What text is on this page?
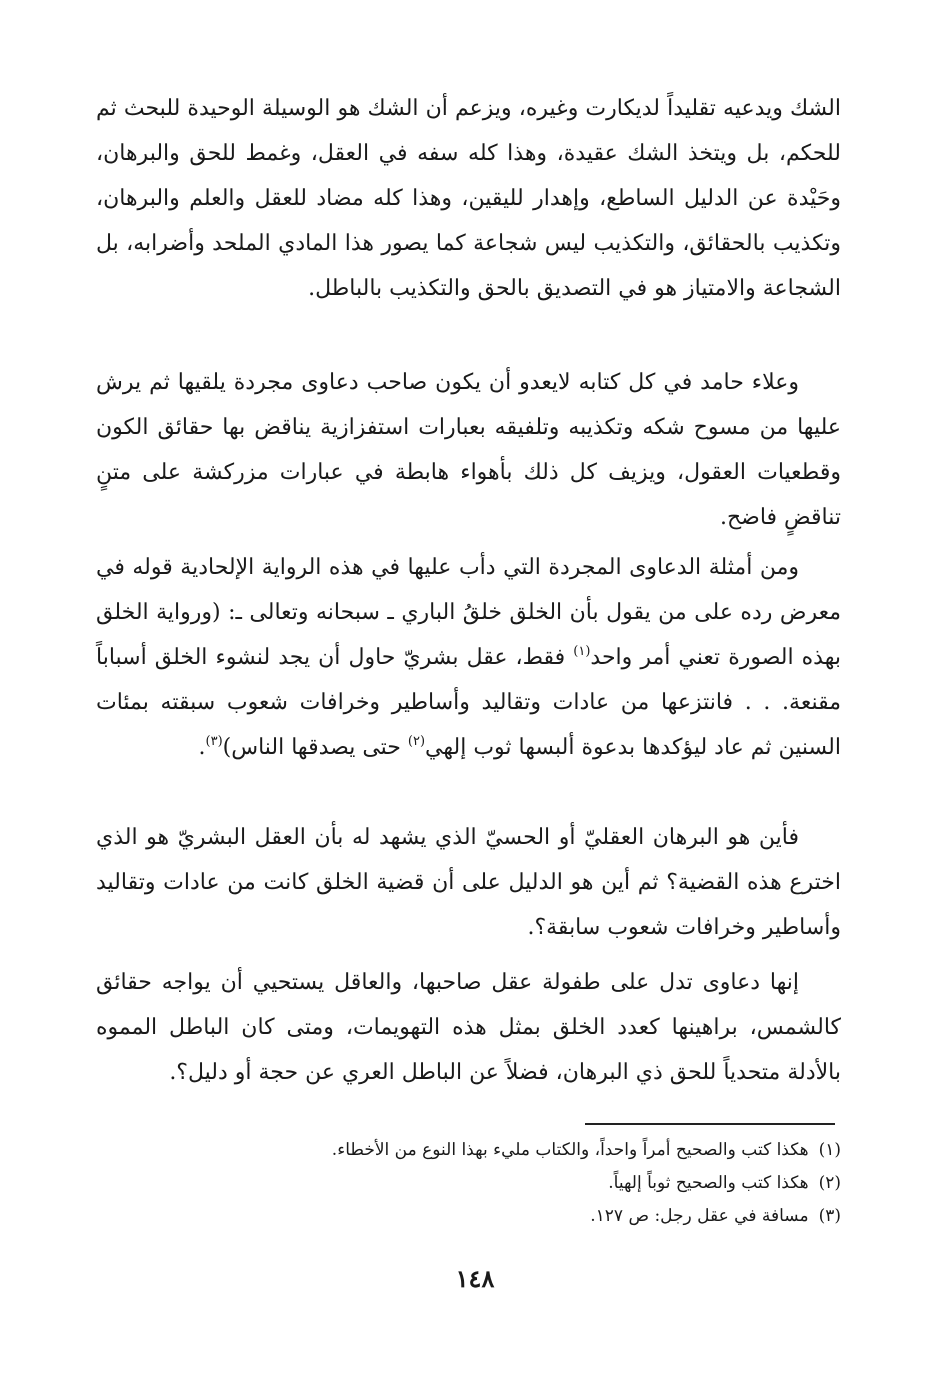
الشك ويدعيه تقليداً لديكارت وغيره، ويزعم أن الشك هو الوسيلة الوحيدة للبحث ثم للحكم، بل ويتخذ الشك عقيدة، وهذا كله سفه في العقل، وغمط للحق والبرهان، وحَيْدة عن الدليل الساطع، وإهدار لليقين، وهذا كله مضاد للعقل والعلم والبرهان، وتكذيب بالحقائق، والتكذيب ليس شجاعة كما يصور هذا المادي الملحد وأضرابه، بل الشجاعة والامتياز هو في التصديق بالحق والتكذيب بالباطل.

وعلاء حامد في كل كتابه لايعدو أن يكون صاحب دعاوى مجردة يلقيها ثم يرش عليها من مسوح شكه وتكذيبه وتلفيقه بعبارات استفزازية يناقض بها حقائق الكون وقطعيات العقول، ويزيف كل ذلك بأهواء هابطة في عبارات مزركشة على متنٍ تناقضٍ فاضح.

ومن أمثلة الدعاوى المجردة التي دأب عليها في هذه الرواية الإلحادية قوله في معرض رده على من يقول بأن الخلق خلقُ الباري ـ سبحانه وتعالى ـ: (ورواية الخلق بهذه الصورة تعني أمر واحد$^{(١)}$ فقط، عقل بشريّ حاول أن يجد لنشوء الخلق أسباباً مقنعة. . . فانتزعها من عادات وتقاليد وأساطير وخرافات شعوب سبقته بمئات السنين ثم عاد ليؤكدها بدعوة ألبسها ثوب إلهي$^{(٢)}$ حتى يصدقها الناس)$^{(٣)}$.

فأين هو البرهان العقليّ أو الحسيّ الذي يشهد له بأن العقل البشريّ هو الذي اخترع هذه القضية؟ ثم أين هو الدليل على أن قضية الخلق كانت من عادات وتقاليد وأساطير وخرافات شعوب سابقة؟.

إنها دعاوى تدل على طفولة عقل صاحبها، والعاقل يستحيي أن يواجه حقائق كالشمس، براهينها كعدد الخلق بمثل هذه التهويمات، ومتى كان الباطل المموه بالأدلة متحدياً للحق ذي البرهان، فضلاً عن الباطل العري عن حجة أو دليل؟.

(١)هكذا كتب والصحيح أمراً واحداً، والكتاب مليء بهذا النوع من الأخطاء.
(٢)هكذا كتب والصحيح ثوباً إلهياً.
(٣)مسافة في عقل رجل: ص ١٢٧.
١٤٨
